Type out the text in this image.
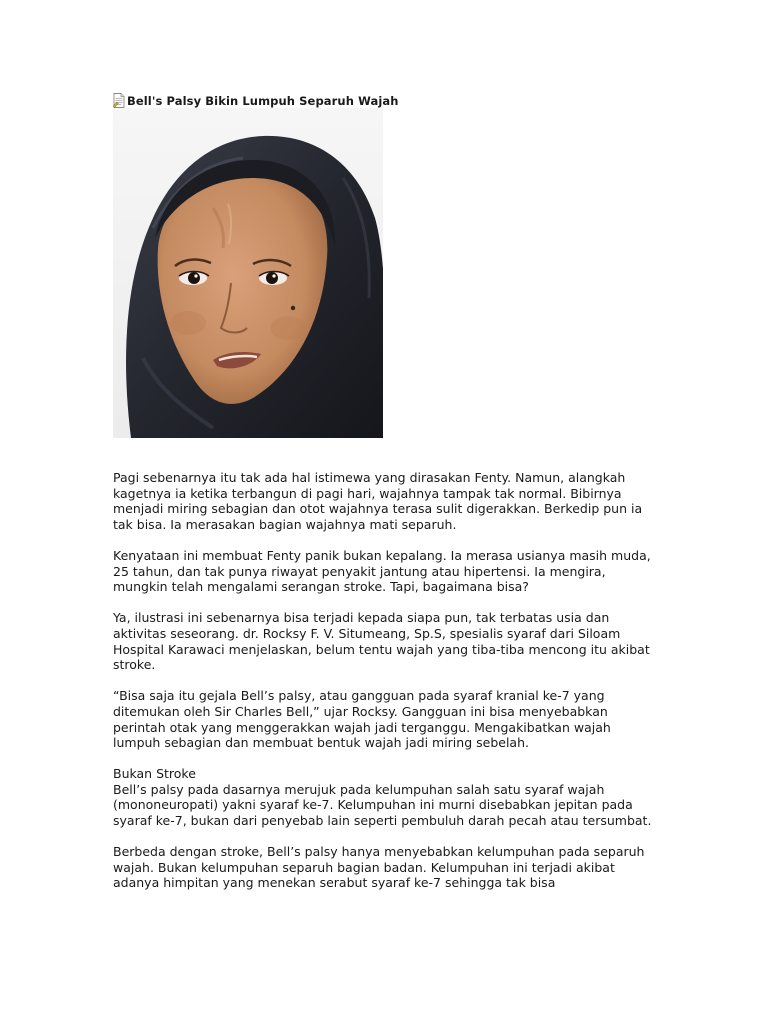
Bell's Palsy Bikin Lumpuh Separuh Wajah

Pagi sebenarnya itu tak ada hal istimewa yang dirasakan Fenty. Namun, alangkah kagetnya ia ketika terbangun di pagi hari, wajahnya tampak tak normal. Bibirnya menjadi miring sebagian dan otot wajahnya terasa sulit digerakkan. Berkedip pun ia tak bisa. Ia merasakan bagian wajahnya mati separuh.

Kenyataan ini membuat Fenty panik bukan kepalang. Ia merasa usianya masih muda, 25 tahun, dan tak punya riwayat penyakit jantung atau hipertensi. Ia mengira, mungkin telah mengalami serangan stroke. Tapi, bagaimana bisa?

Ya, ilustrasi ini sebenarnya bisa terjadi kepada siapa pun, tak terbatas usia dan aktivitas seseorang. dr. Rocksy F. V. Situmeang, Sp.S, spesialis syaraf dari Siloam Hospital Karawaci menjelaskan, belum tentu wajah yang tiba-tiba mencong itu akibat stroke.

“Bisa saja itu gejala Bell’s palsy, atau gangguan pada syaraf kranial ke-7 yang ditemukan oleh Sir Charles Bell,” ujar Rocksy. Gangguan ini bisa menyebabkan perintah otak yang menggerakkan wajah jadi terganggu. Mengakibatkan wajah lumpuh sebagian dan membuat bentuk wajah jadi miring sebelah.

Bukan Stroke
Bell’s palsy pada dasarnya merujuk pada kelumpuhan salah satu syaraf wajah (mononeuropati) yakni syaraf ke-7. Kelumpuhan ini murni disebabkan jepitan pada syaraf ke-7, bukan dari penyebab lain seperti pembuluh darah pecah atau tersumbat.

Berbeda dengan stroke, Bell’s palsy hanya menyebabkan kelumpuhan pada separuh wajah. Bukan kelumpuhan separuh bagian badan. Kelumpuhan ini terjadi akibat adanya himpitan yang menekan serabut syaraf ke-7 sehingga tak bisa
